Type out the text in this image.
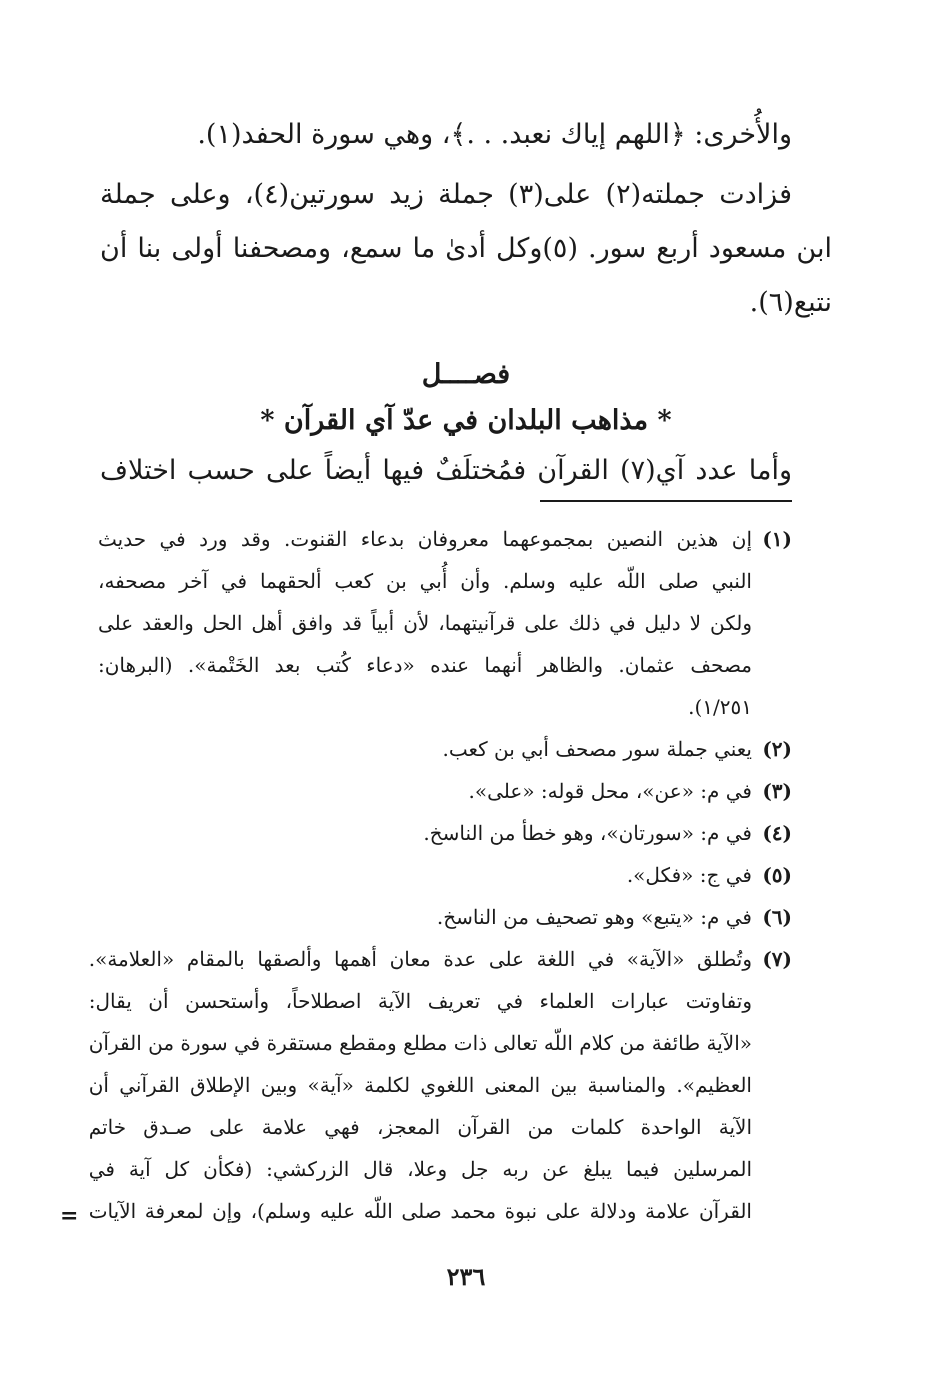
والأُخرى: ﴿اللهم إياك نعبد. . .﴾، وهي سورة الحفد(١).
فزادت جملته(٢) على(٣) جملة زيد سورتين(٤)، وعلى جملة
ابن مسعود أربع سور. (٥)وكل أدىٰ ما سمع، ومصحفنا أولى بنا أن
نتبع(٦).
فصــــل
* مذاهب البلدان في عدّ آي القرآن *
وأما عدد آي(٧) القرآن فمُختلَفٌ فيها أيضاً على حسب اختلاف
(١)
إن هذين النصين بمجموعهما معروفان بدعاء القنوت. وقد ورد في حديث
النبي صلى اللّه عليه وسلم. وأن أُبي بن كعب ألحقهما في آخر مصحفه،
ولكن لا دليل في ذلك على قرآنيتهما، لأن أبياً قد وافق أهل الحل والعقد على
مصحف عثمان. والظاهر أنهما عنده «دعاء كُتب بعد الخَتْمة». (البرهان:
١/٢٥١).
(٢)
يعني جملة سور مصحف أبي بن كعب.
(٣)
في م: «عن»، محل قوله: «على».
(٤)
في م: «سورتان»، وهو خطأ من الناسخ.
(٥)
في ج: «فكل».
(٦)
في م: «يتبع» وهو تصحيف من الناسخ.
(٧)
وتُطلق «الآية» في اللغة على عدة معان أهمها وألصقها بالمقام «العلامة».
وتفاوتت عبارات العلماء في تعريف الآية اصطلاحاً، وأستحسن أن يقال:
«الآية طائفة من كلام اللّه تعالى ذات مطلع ومقطع مستقرة في سورة من القرآن
العظيم». والمناسبة بين المعنى اللغوي لكلمة «آية» وبين الإطلاق القرآني أن
الآية الواحدة كلمات من القرآن المعجز، فهي علامة على صـدق خاتم
المرسلين فيما يبلغ عن ربه جل وعلا، قال الزركشي: (فكأن كل آية في
القرآن علامة ودلالة على نبوة محمد صلى اللّه عليه وسلم)، وإن لمعرفة الآيات
=
٢٣٦
